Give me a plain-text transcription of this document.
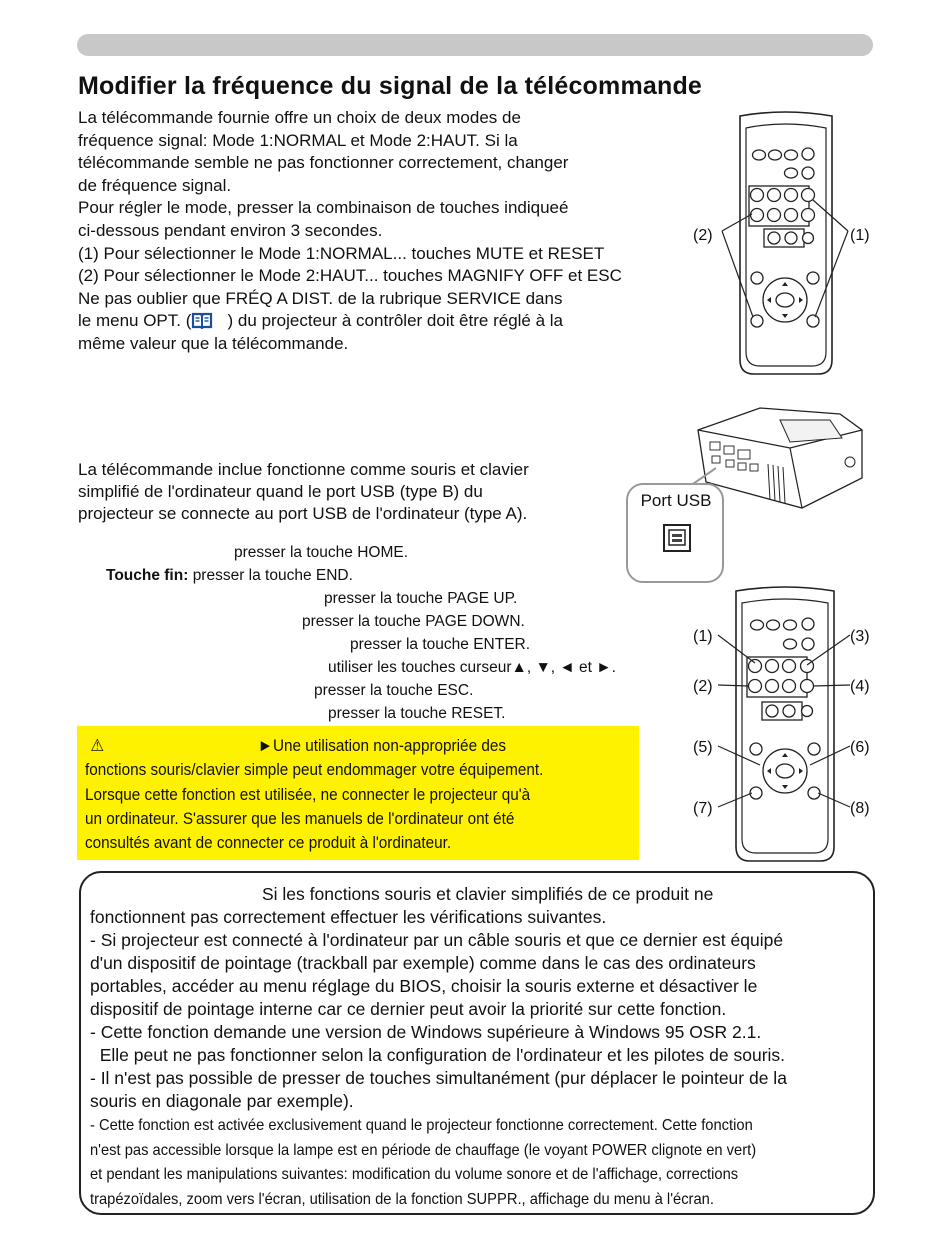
Modifier la fréquence du signal de la télécommande
La télécommande fournie offre un choix de deux modes de
fréquence signal: Mode 1:NORMAL et Mode 2:HAUT. Si la
télécommande semble ne pas fonctionner correctement, changer
de fréquence signal.
Pour régler le mode, presser la combinaison de touches indiqueé
ci-dessous pendant environ 3 secondes.
(1) Pour sélectionner le Mode 1:NORMAL... touches MUTE et RESET
(2) Pour sélectionner le Mode 2:HAUT... touches MAGNIFY OFF et ESC
Ne pas oublier que FRÉQ A DIST. de la rubrique SERVICE dans
le menu OPT. ( ) du projecteur à contrôler doit être réglé à la
même valeur que la télécommande.
(2)	(1)
Port USB
La télécommande inclue fonctionne comme souris et clavier
simplifié de l'ordinateur quand le port USB (type B) du
projecteur se connecte au port USB de l'ordinateur (type A).
presser la touche HOME.
Touche fin: presser la touche END.
presser la touche PAGE UP.
presser la touche PAGE DOWN.
presser la touche ENTER.
utiliser les touches curseur▲, ▼, ◄ et ►.
presser la touche ESC.
presser la touche RESET.
(1)	(3)
(2)	(4)
(5)	(6)
(7)	(8)
⚠	►Une utilisation non-appropriée des
fonctions souris/clavier simple peut endommager votre équipement.
Lorsque cette fonction est utilisée, ne connecter le projecteur qu'à
un ordinateur. S'assurer que les manuels de l'ordinateur ont été
consultés avant de connecter ce produit à l'ordinateur.
Si les fonctions souris et clavier simplifiés de ce produit ne
fonctionnent pas correctement effectuer les vérifications suivantes.
- Si projecteur est connecté à l'ordinateur par un câble souris et que ce dernier est équipé
d'un dispositif de pointage (trackball par exemple) comme dans le cas des ordinateurs
portables, accéder au menu réglage du BIOS, choisir la souris externe et désactiver le
dispositif de pointage interne car ce dernier peut avoir la priorité sur cette fonction.
- Cette fonction demande une version de Windows supérieure à Windows 95 OSR 2.1.
Elle peut ne pas fonctionner selon la configuration de l'ordinateur et les pilotes de souris.
- Il n'est pas possible de presser de touches simultanément (pur déplacer le pointeur de la
souris en diagonale par exemple).
- Cette fonction est activée exclusivement quand le projecteur fonctionne correctement. Cette fonction
n'est pas accessible lorsque la lampe est en période de chauffage (le voyant POWER clignote en vert)
et pendant les manipulations suivantes: modification du volume sonore et de l'affichage, corrections
trapézoïdales, zoom vers l'écran, utilisation de la fonction SUPPR., affichage du menu à l'écran.
